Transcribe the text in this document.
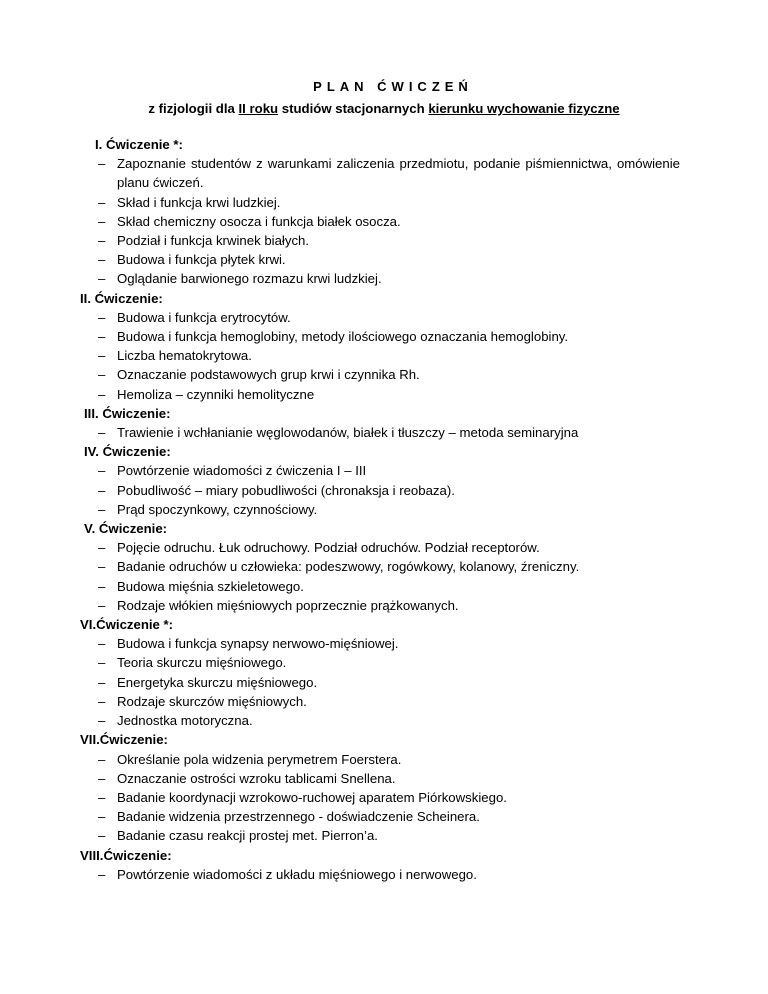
PLAN ĆWICZEŃ
z fizjologii dla II roku studiów stacjonarnych kierunku wychowanie fizyczne
I. Ćwiczenie *:
– Zapoznanie studentów z warunkami zaliczenia przedmiotu, podanie piśmiennictwa, omówienie planu ćwiczeń.
– Skład i funkcja krwi ludzkiej.
– Skład chemiczny osocza i funkcja białek osocza.
– Podział i funkcja krwinek białych.
– Budowa i funkcja płytek krwi.
– Oglądanie barwionego rozmazu krwi ludzkiej.
II. Ćwiczenie:
– Budowa i funkcja erytrocytów.
– Budowa i funkcja hemoglobiny, metody ilościowego oznaczania hemoglobiny.
– Liczba hematokrytowa.
– Oznaczanie podstawowych grup krwi i czynnika Rh.
– Hemoliza – czynniki hemolityczne
III. Ćwiczenie:
– Trawienie i wchłanianie węglowodanów, białek i tłuszczy – metoda seminaryjna
IV. Ćwiczenie:
– Powtórzenie wiadomości z ćwiczenia I – III
– Pobudliwość – miary pobudliwości (chronaksja i reobaza).
– Prąd spoczynkowy, czynnościowy.
V. Ćwiczenie:
– Pojęcie odruchu. Łuk odruchowy. Podział odruchów. Podział receptorów.
– Badanie odruchów u człowieka: podeszwowy, rogówkowy, kolanowy, źreniczny.
– Budowa mięśnia szkieletowego.
– Rodzaje włókien mięśniowych poprzecznie prążkowanych.
VI.Ćwiczenie *:
– Budowa i funkcja synapsy nerwowo-mięśniowej.
– Teoria skurczu mięśniowego.
– Energetyka skurczu mięśniowego.
– Rodzaje skurczów mięśniowych.
– Jednostka motoryczna.
VII.Ćwiczenie:
– Określanie pola widzenia perymetrem Foerstera.
– Oznaczanie ostrości wzroku tablicami Snellena.
– Badanie koordynacji wzrokowo-ruchowej aparatem Piórkowskiego.
– Badanie widzenia przestrzennego - doświadczenie Scheinera.
– Badanie czasu reakcji prostej met. Pierron’a.
VIII.Ćwiczenie:
– Powtórzenie wiadomości z układu mięśniowego i nerwowego.
